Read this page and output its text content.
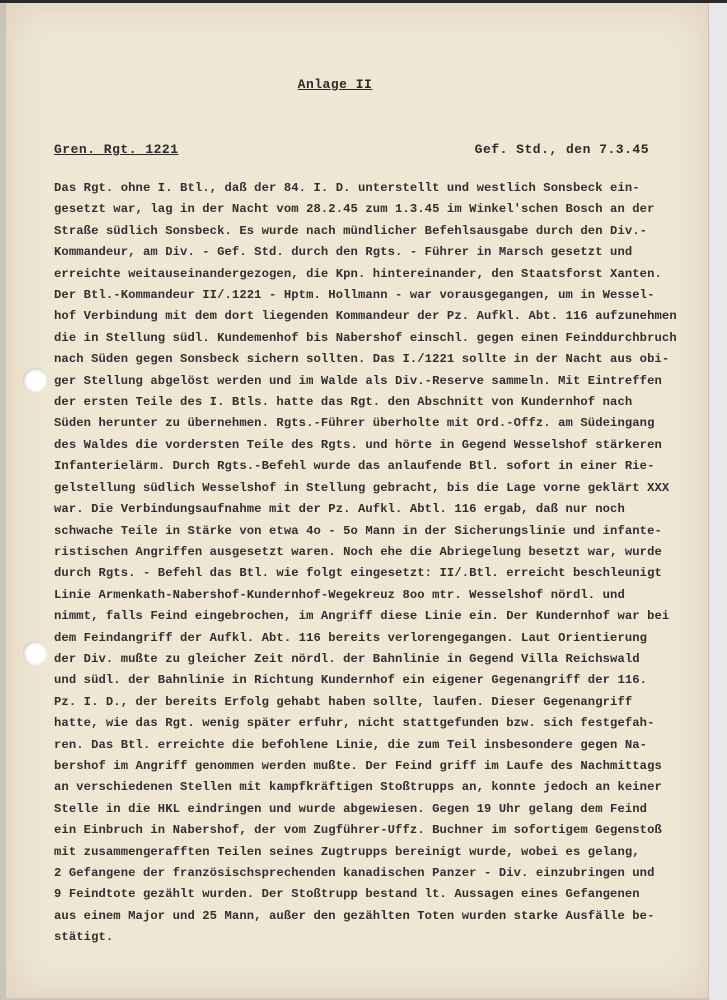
Anlage II
Gren. Rgt. 1221	Gef. Std., den 7.3.45
Das Rgt. ohne I. Btl., daß der 84. I. D. unterstellt und westlich Sonsbeck ein-
gesetzt war, lag in der Nacht vom 28.2.45 zum 1.3.45 im Winkel'schen Bosch an der
Straße südlich Sonsbeck. Es wurde nach mündlicher Befehlsausgabe durch den Div.-
Kommandeur, am Div. - Gef. Std. durch den Rgts. - Führer in Marsch gesetzt und
erreichte weitauseinandergezogen, die Kpn. hintereinander, den Staatsforst Xanten.
Der Btl.-Kommandeur II/.1221 - Hptm. Hollmann - war vorausgegangen, um in Wessel-
hof Verbindung mit dem dort liegenden Kommandeur der Pz. Aufkl. Abt. 116 aufzunehmen
die in Stellung südl. Kundemenhof bis Nabershof einschl. gegen einen Feinddurchbruch
nach Süden gegen Sonsbeck sichern sollten. Das I./1221 sollte in der Nacht aus obi-
ger Stellung abgelöst werden und im Walde als Div.-Reserve sammeln. Mit Eintreffen
der ersten Teile des I. Btls. hatte das Rgt. den Abschnitt von Kundernhof nach
Süden herunter zu übernehmen. Rgts.-Führer überholte mit Ord.-Offz. am Südeingang
des Waldes die vordersten Teile des Rgts. und hörte in Gegend Wesselshof stärkeren
Infanterielärm. Durch Rgts.-Befehl wurde das anlaufende Btl. sofort in einer Rie-
gelstellung südlich Wesselshof in Stellung gebracht, bis die Lage vorne geklärt XXX
war. Die Verbindungsaufnahme mit der Pz. Aufkl. Abtl. 116 ergab, daß nur noch
schwache Teile in Stärke von etwa 4o - 5o Mann in der Sicherungslinie und infante-
ristischen Angriffen ausgesetzt waren. Noch ehe die Abriegelung besetzt war, wurde
durch Rgts. - Befehl das Btl. wie folgt eingesetzt: II/.Btl. erreicht beschleunigt
Linie Armenkath-Nabershof-Kundernhof-Wegekreuz 8oo mtr. Wesselshof nördl. und
nimmt, falls Feind eingebrochen, im Angriff diese Linie ein. Der Kundernhof war bei
dem Feindangriff der Aufkl. Abt. 116 bereits verlorengegangen. Laut Orientierung
der Div. mußte zu gleicher Zeit nördl. der Bahnlinie in Gegend Villa Reichswald
und südl. der Bahnlinie in Richtung Kundernhof ein eigener Gegenangriff der 116.
Pz. I. D., der bereits Erfolg gehabt haben sollte, laufen. Dieser Gegenangriff
hatte, wie das Rgt. wenig später erfuhr, nicht stattgefunden bzw. sich festgefah-
ren. Das Btl. erreichte die befohlene Linie, die zum Teil insbesondere gegen Na-
bershof im Angriff genommen werden mußte. Der Feind griff im Laufe des Nachmittags
an verschiedenen Stellen mit kampfkräftigen Stoßtrupps an, konnte jedoch an keiner
Stelle in die HKL eindringen und wurde abgewiesen. Gegen 19 Uhr gelang dem Feind
ein Einbruch in Nabershof, der vom Zugführer-Uffz. Buchner im sofortigem Gegenstoß
mit zusammengerafften Teilen seines Zugtrupps bereinigt wurde, wobei es gelang,
2 Gefangene der französischsprechenden kanadischen Panzer - Div. einzubringen und
9 Feindtote gezählt wurden. Der Stoßtrupp bestand lt. Aussagen eines Gefangenen
aus einem Major und 25 Mann, außer den gezählten Toten wurden starke Ausfälle be-
stätigt.
